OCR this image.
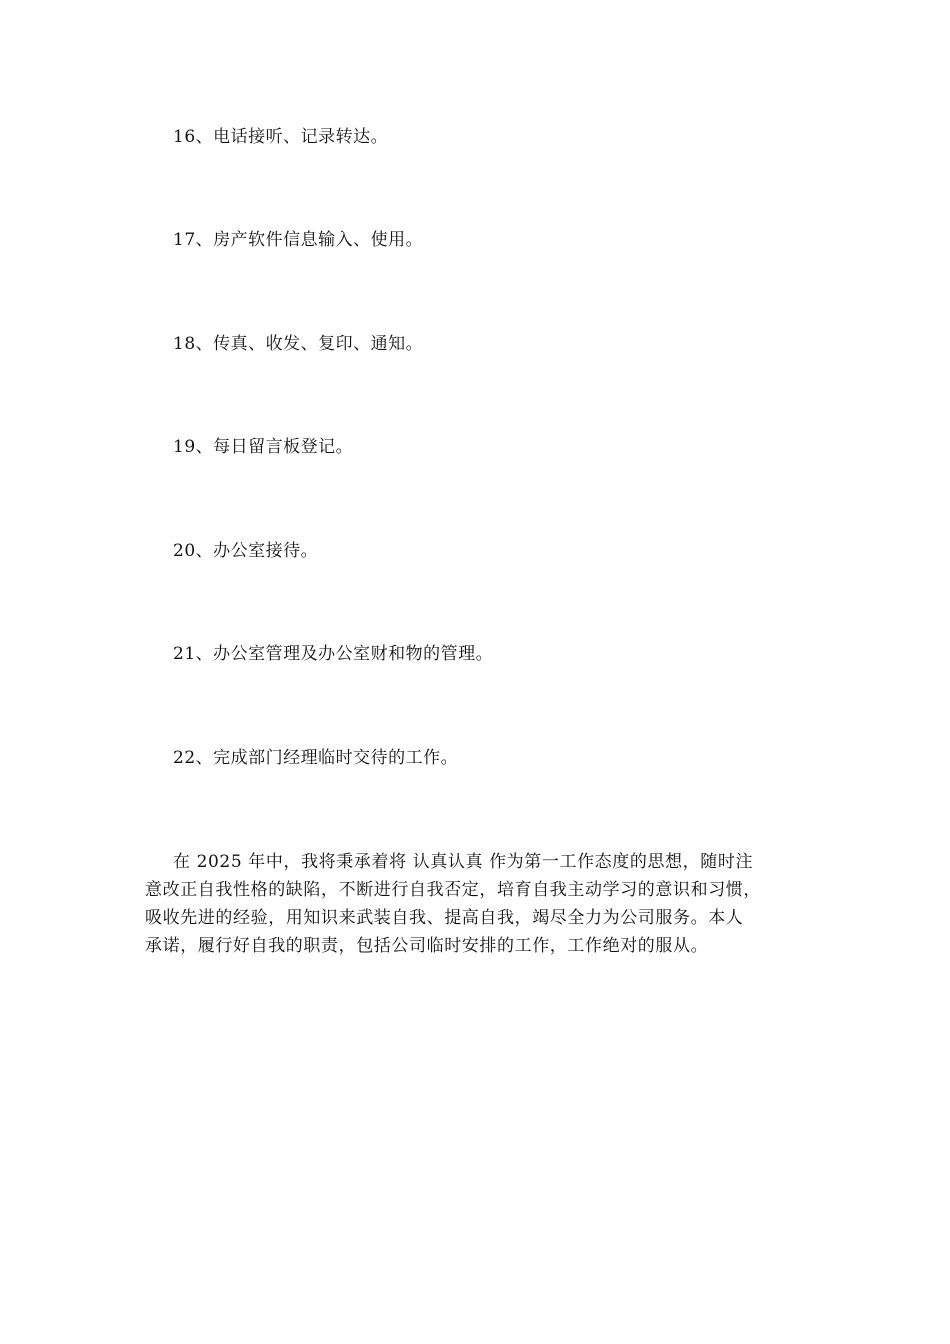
16、电话接听、记录转达。
17、房产软件信息输入、使用。
18、传真、收发、复印、通知。
19、每日留言板登记。
20、办公室接待。
21、办公室管理及办公室财和物的管理。
22、完成部门经理临时交待的工作。
在 2025 年中，我将秉承着将 认真认真 作为第一工作态度的思想，随时注
意改正自我性格的缺陷，不断进行自我否定，培育自我主动学习的意识和习惯，
吸收先进的经验，用知识来武装自我、提高自我，竭尽全力为公司服务。本人
承诺，履行好自我的职责，包括公司临时安排的工作，工作绝对的服从。
